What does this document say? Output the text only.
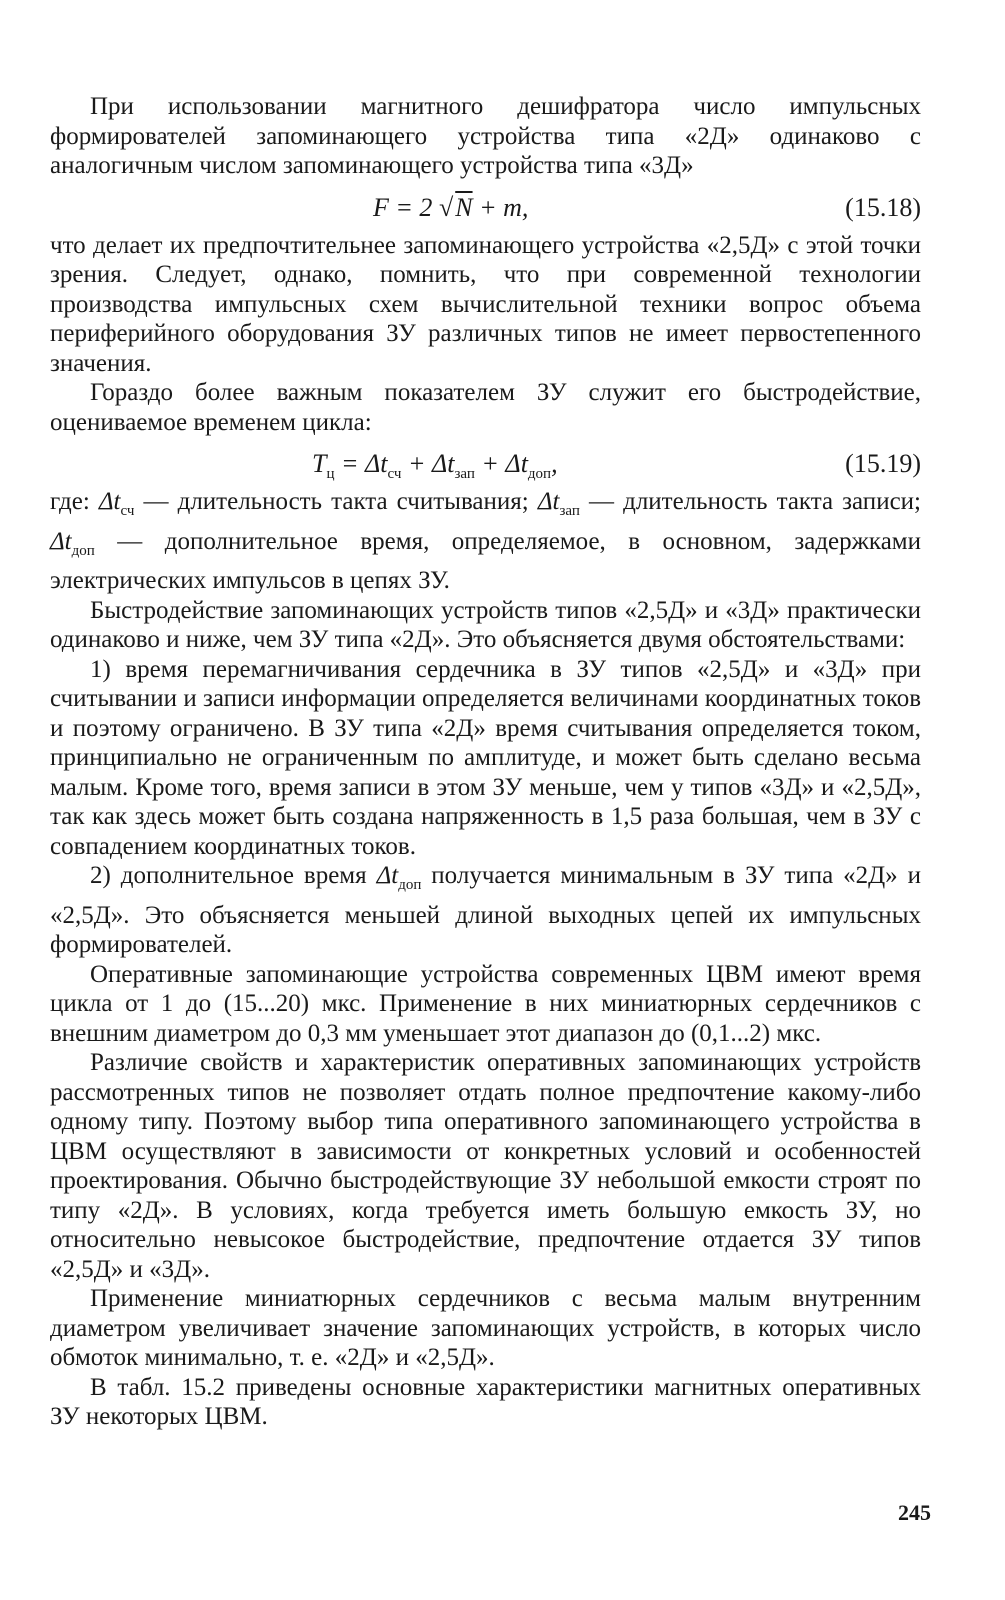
При использовании магнитного дешифратора число импульсных формирователей запоминающего устройства типа «2Д» одинаково с аналогичным числом запоминающего устройства типа «3Д»

F = 2 √N + m,	(15.18)

что делает их предпочтительнее запоминающего устройства «2,5Д» с этой точки зрения. Следует, однако, помнить, что при современной технологии производства импульсных схем вычислительной техники вопрос объема периферийного оборудования ЗУ различных типов не имеет первостепенного значения.

Гораздо более важным показателем ЗУ служит его быстродействие, оцениваемое временем цикла:

$T_ц = \Delta t_{сч} + \Delta t_{зап} + \Delta t_{доп}$,	(15.19)

где: $\Delta t_{сч}$ — длительность такта считывания; $\Delta t_{зап}$ — длительность такта записи; $\Delta t_{доп}$ — дополнительное время, определяемое, в основном, задержками электрических импульсов в цепях ЗУ.

Быстродействие запоминающих устройств типов «2,5Д» и «3Д» практически одинаково и ниже, чем ЗУ типа «2Д». Это объясняется двумя обстоятельствами:

1) время перемагничивания сердечника в ЗУ типов «2,5Д» и «3Д» при считывании и записи информации определяется величинами координатных токов и поэтому ограничено. В ЗУ типа «2Д» время считывания определяется током, принципиально не ограниченным по амплитуде, и может быть сделано весьма малым. Кроме того, время записи в этом ЗУ меньше, чем у типов «3Д» и «2,5Д», так как здесь может быть создана напряженность в 1,5 раза большая, чем в ЗУ с совпадением координатных токов.

2) дополнительное время $\Delta t_{доп}$ получается минимальным в ЗУ типа «2Д» и «2,5Д». Это объясняется меньшей длиной выходных цепей их импульсных формирователей.

Оперативные запоминающие устройства современных ЦВМ имеют время цикла от 1 до (15...20) мкс. Применение в них миниатюрных сердечников с внешним диаметром до 0,3 мм уменьшает этот диапазон до (0,1...2) мкс.

Различие свойств и характеристик оперативных запоминающих устройств рассмотренных типов не позволяет отдать полное предпочтение какому-либо одному типу. Поэтому выбор типа оперативного запоминающего устройства в ЦВМ осуществляют в зависимости от конкретных условий и особенностей проектирования. Обычно быстродействующие ЗУ небольшой емкости строят по типу «2Д». В условиях, когда требуется иметь большую емкость ЗУ, но относительно невысокое быстродействие, предпочтение отдается ЗУ типов «2,5Д» и «3Д».

Применение миниатюрных сердечников с весьма малым внутренним диаметром увеличивает значение запоминающих устройств, в которых число обмоток минимально, т. е. «2Д» и «2,5Д».

В табл. 15.2 приведены основные характеристики магнитных оперативных ЗУ некоторых ЦВМ.

245
